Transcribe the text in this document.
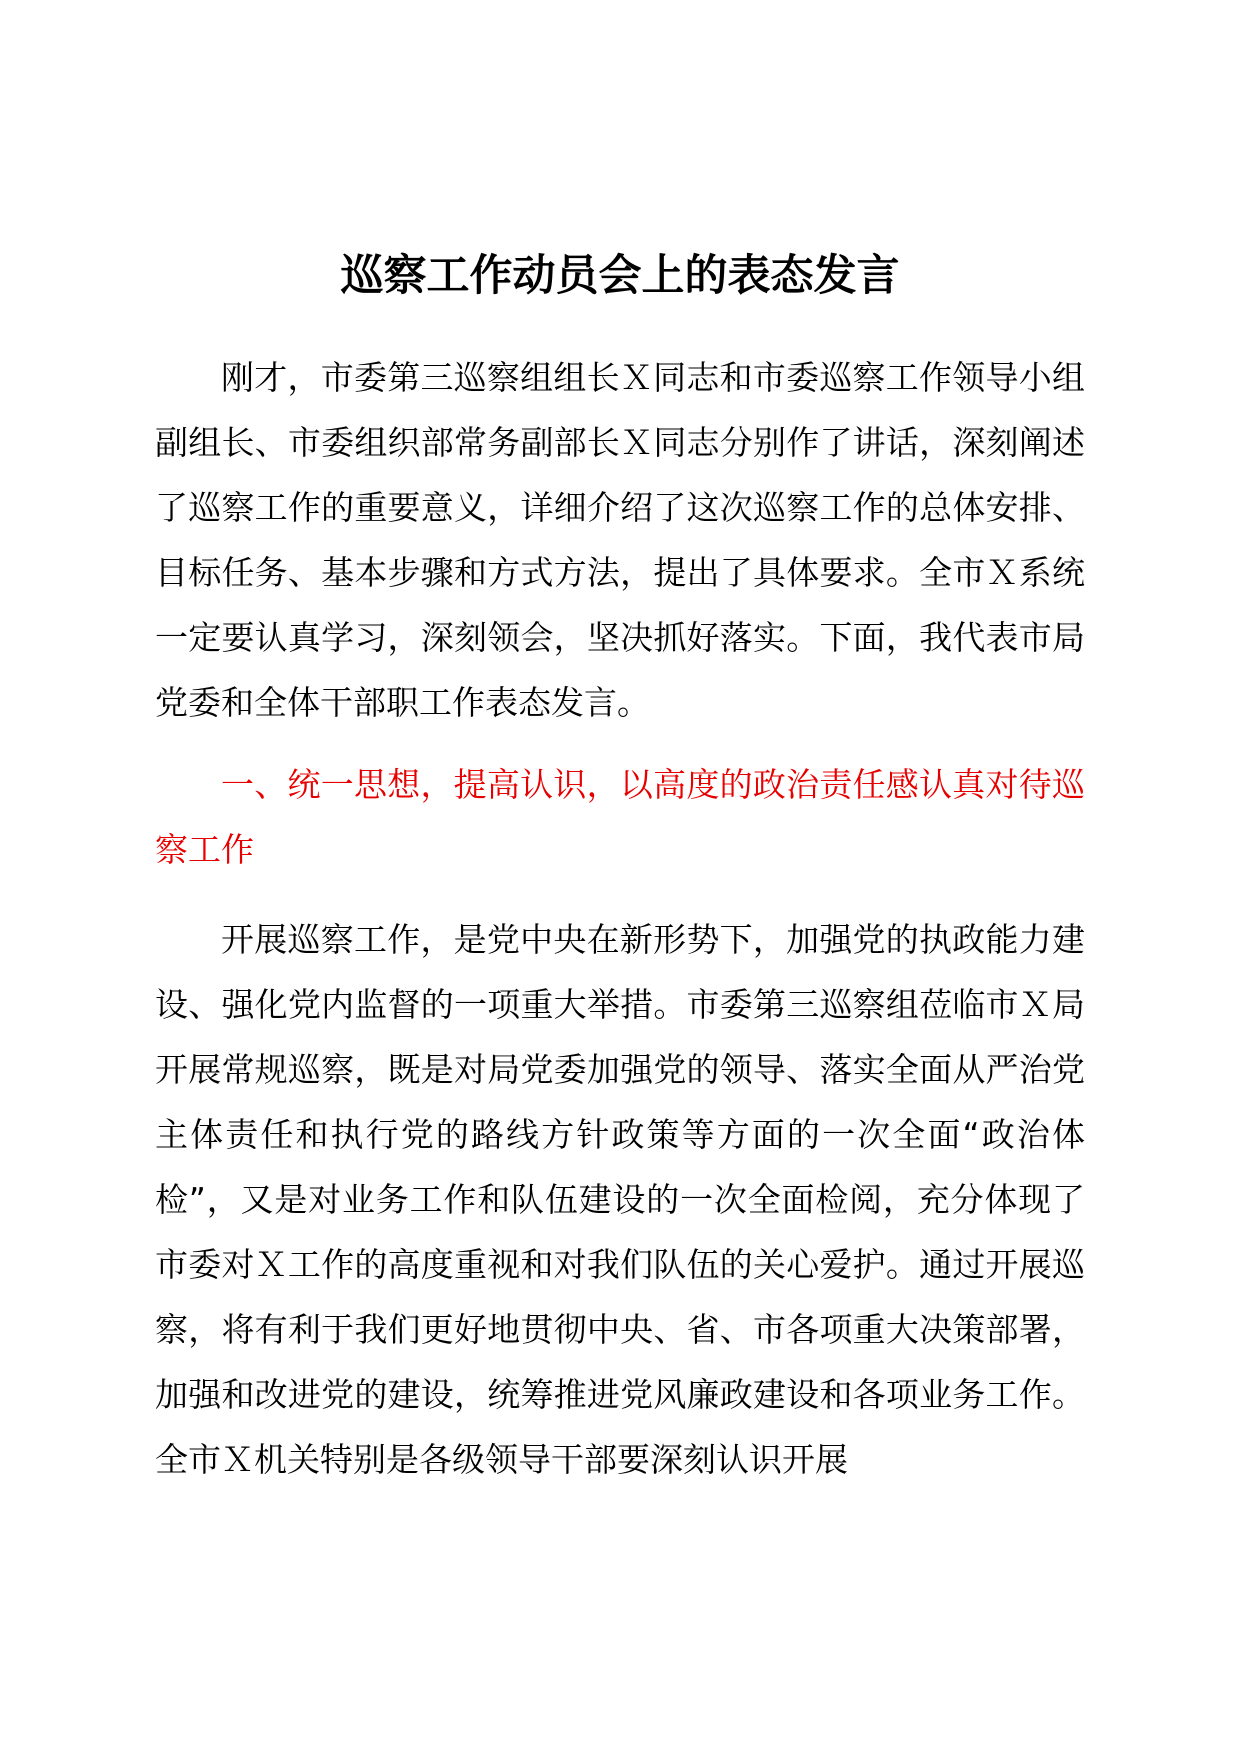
巡察工作动员会上的表态发言

刚才，市委第三巡察组组长Ｘ同志和市委巡察工作领导小组副组长、市委组织部常务副部长Ｘ同志分别作了讲话，深刻阐述了巡察工作的重要意义，详细介绍了这次巡察工作的总体安排、目标任务、基本步骤和方式方法，提出了具体要求。全市Ｘ系统一定要认真学习，深刻领会，坚决抓好落实。下面，我代表市局党委和全体干部职工作表态发言。

一、统一思想，提高认识，以高度的政治责任感认真对待巡察工作

开展巡察工作，是党中央在新形势下，加强党的执政能力建设、强化党内监督的一项重大举措。市委第三巡察组莅临市Ｘ局开展常规巡察，既是对局党委加强党的领导、落实全面从严治党主体责任和执行党的路线方针政策等方面的一次全面“政治体检”，又是对业务工作和队伍建设的一次全面检阅，充分体现了市委对Ｘ工作的高度重视和对我们队伍的关心爱护。通过开展巡察，将有利于我们更好地贯彻中央、省、市各项重大决策部署，加强和改进党的建设，统筹推进党风廉政建设和各项业务工作。全市Ｘ机关特别是各级领导干部要深刻认识开展
